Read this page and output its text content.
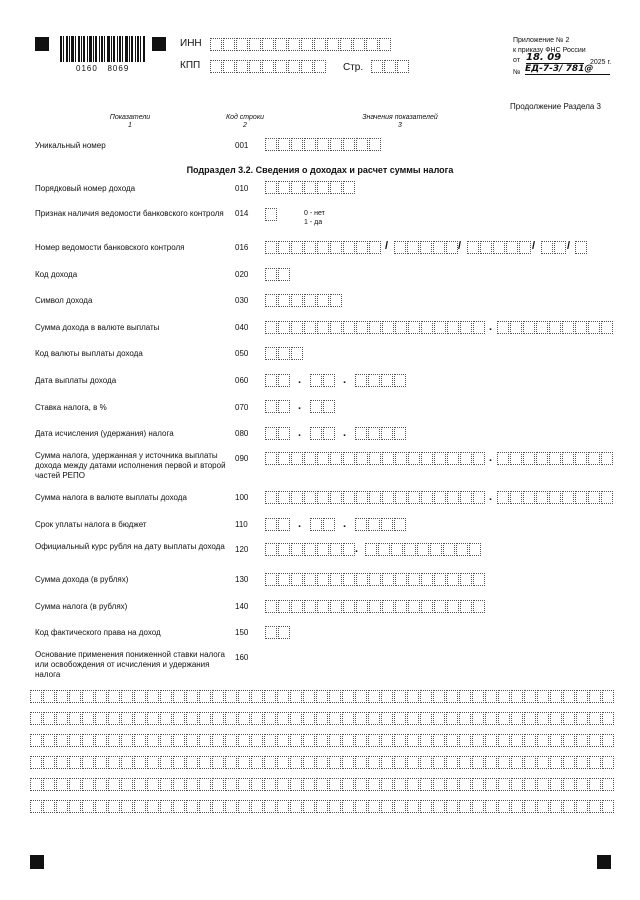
0160   8069
ИНН
КПП	Стр.
Приложение № 2
к приказу ФНС России
от 18. 09	2025 г.
№ ЕД-7-3/ 781@
Продолжение Раздела 3
Показатели
1
Код строки
2
Значения показателей
3
Уникальный номер	001
Подраздел 3.2. Сведения о доходах и расчет суммы налога
Порядковый номер дохода	010
Признак наличия ведомости банковского контроля 014	0 - нет
1 - да
Номер ведомости банковского контроля	016	/	/	/	/
Код дохода	020
Символ дохода	030
Сумма дохода в валюте выплаты	040	.
Код валюты выплаты дохода	050
Дата выплаты дохода	060	.	.
Ставка налога, в %	070	.
Дата исчисления (удержания) налога	080	.	.
Сумма налога, удержанная у источника выплаты дохода между датами исполнения первой и второй частей РЕПО
090	.
Сумма налога в валюте выплаты дохода	100	.
Срок уплаты налога в бюджет	110	.	.
Официальный курс рубля на дату выплаты дохода	120	.
Сумма дохода (в рублях)	130
Сумма налога (в рублях)	140
Код фактического права на доход	150
Основание применения пониженной ставки налога или освобождения от исчисления и удержания налога
160
